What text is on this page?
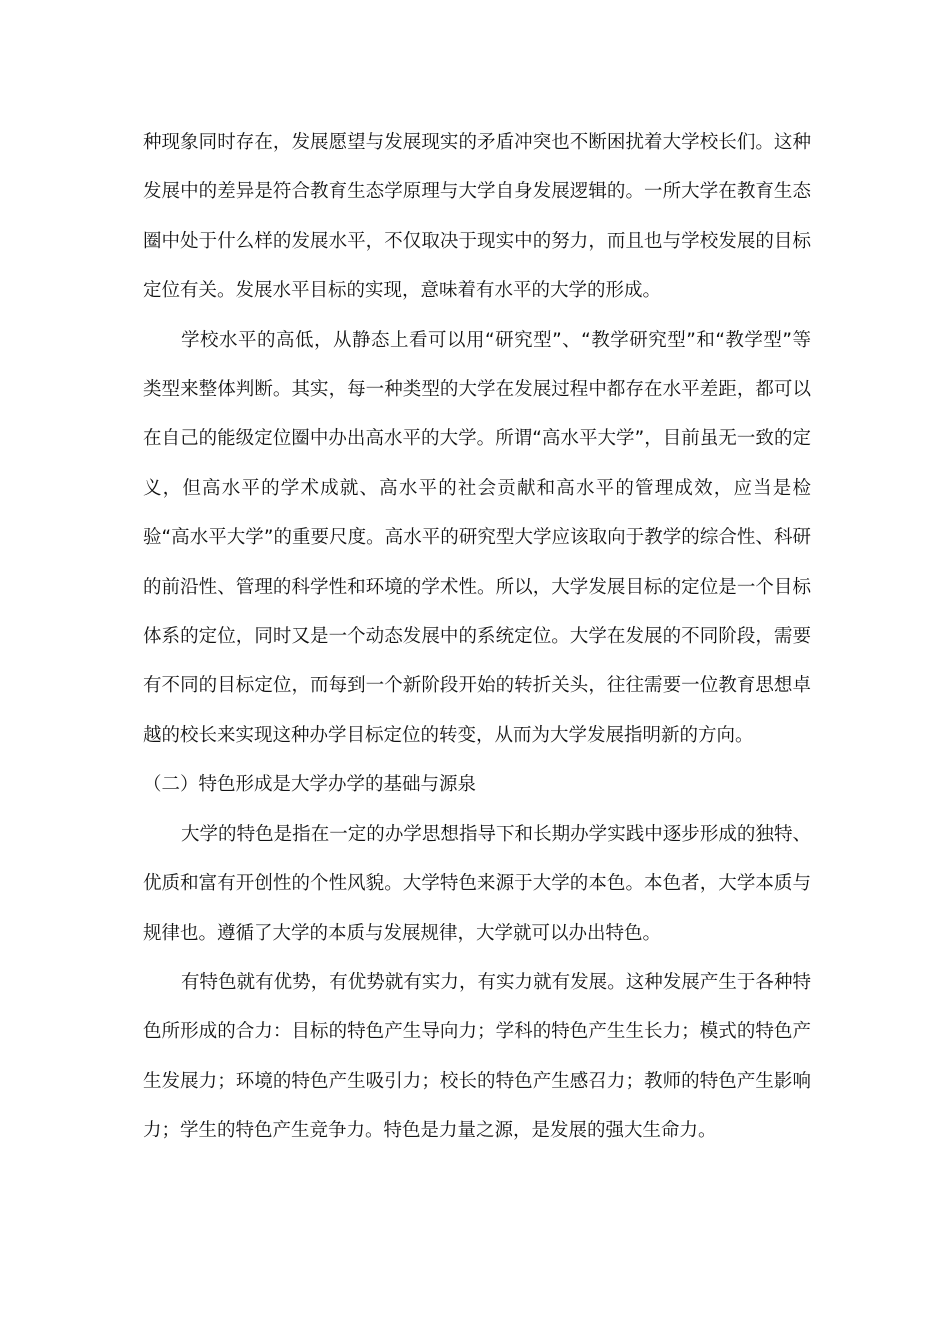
种现象同时存在，发展愿望与发展现实的矛盾冲突也不断困扰着大学校长们。这种发展中的差异是符合教育生态学原理与大学自身发展逻辑的。一所大学在教育生态圈中处于什么样的发展水平，不仅取决于现实中的努力，而且也与学校发展的目标定位有关。发展水平目标的实现，意味着有水平的大学的形成。

学校水平的高低，从静态上看可以用“研究型”、“教学研究型”和“教学型”等类型来整体判断。其实，每一种类型的大学在发展过程中都存在水平差距，都可以在自己的能级定位圈中办出高水平的大学。所谓“高水平大学”，目前虽无一致的定义，但高水平的学术成就、高水平的社会贡献和高水平的管理成效，应当是检验“高水平大学”的重要尺度。高水平的研究型大学应该取向于教学的综合性、科研的前沿性、管理的科学性和环境的学术性。所以，大学发展目标的定位是一个目标体系的定位，同时又是一个动态发展中的系统定位。大学在发展的不同阶段，需要有不同的目标定位，而每到一个新阶段开始的转折关头，往往需要一位教育思想卓越的校长来实现这种办学目标定位的转变，从而为大学发展指明新的方向。

（二）特色形成是大学办学的基础与源泉

大学的特色是指在一定的办学思想指导下和长期办学实践中逐步形成的独特、优质和富有开创性的个性风貌。大学特色来源于大学的本色。本色者，大学本质与规律也。遵循了大学的本质与发展规律，大学就可以办出特色。

有特色就有优势，有优势就有实力，有实力就有发展。这种发展产生于各种特色所形成的合力：目标的特色产生导向力；学科的特色产生生长力；模式的特色产生发展力；环境的特色产生吸引力；校长的特色产生感召力；教师的特色产生影响力；学生的特色产生竞争力。特色是力量之源，是发展的强大生命力。
